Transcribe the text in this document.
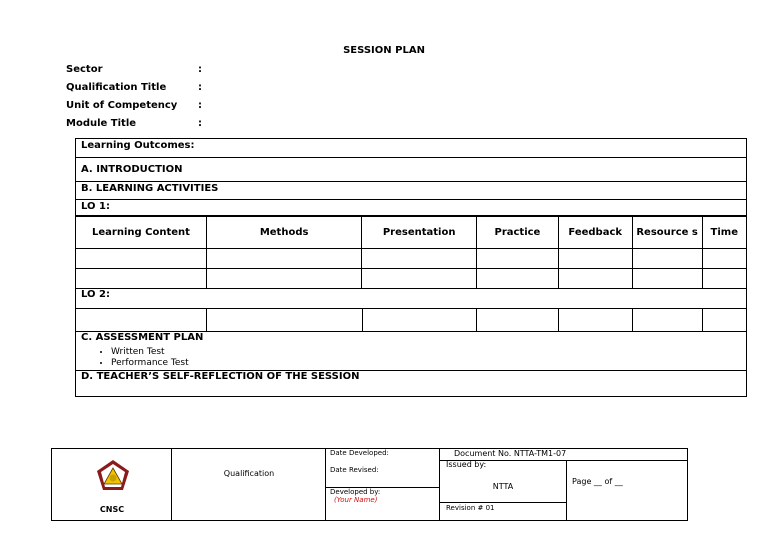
SESSION PLAN
Sector	:
Qualification Title	:
Unit of Competency :
Module Title	:
Learning Outcomes:
A. INTRODUCTION
B. LEARNING ACTIVITIES
LO 1:
Learning Content	Methods	Presentation	Practice	Feedback	Resource s	Time

LO 2:

C. ASSESSMENT PLAN
• Written Test
• Performance Test
D. TEACHER’S SELF-REFLECTION OF THE SESSION
CNSC
Qualification
Date Developed:
Date Revised:
Developed by:
(Your Name)
Document No. NTTA-TM1-07
Issued by:
NTTA
Revision # 01
Page __ of __
